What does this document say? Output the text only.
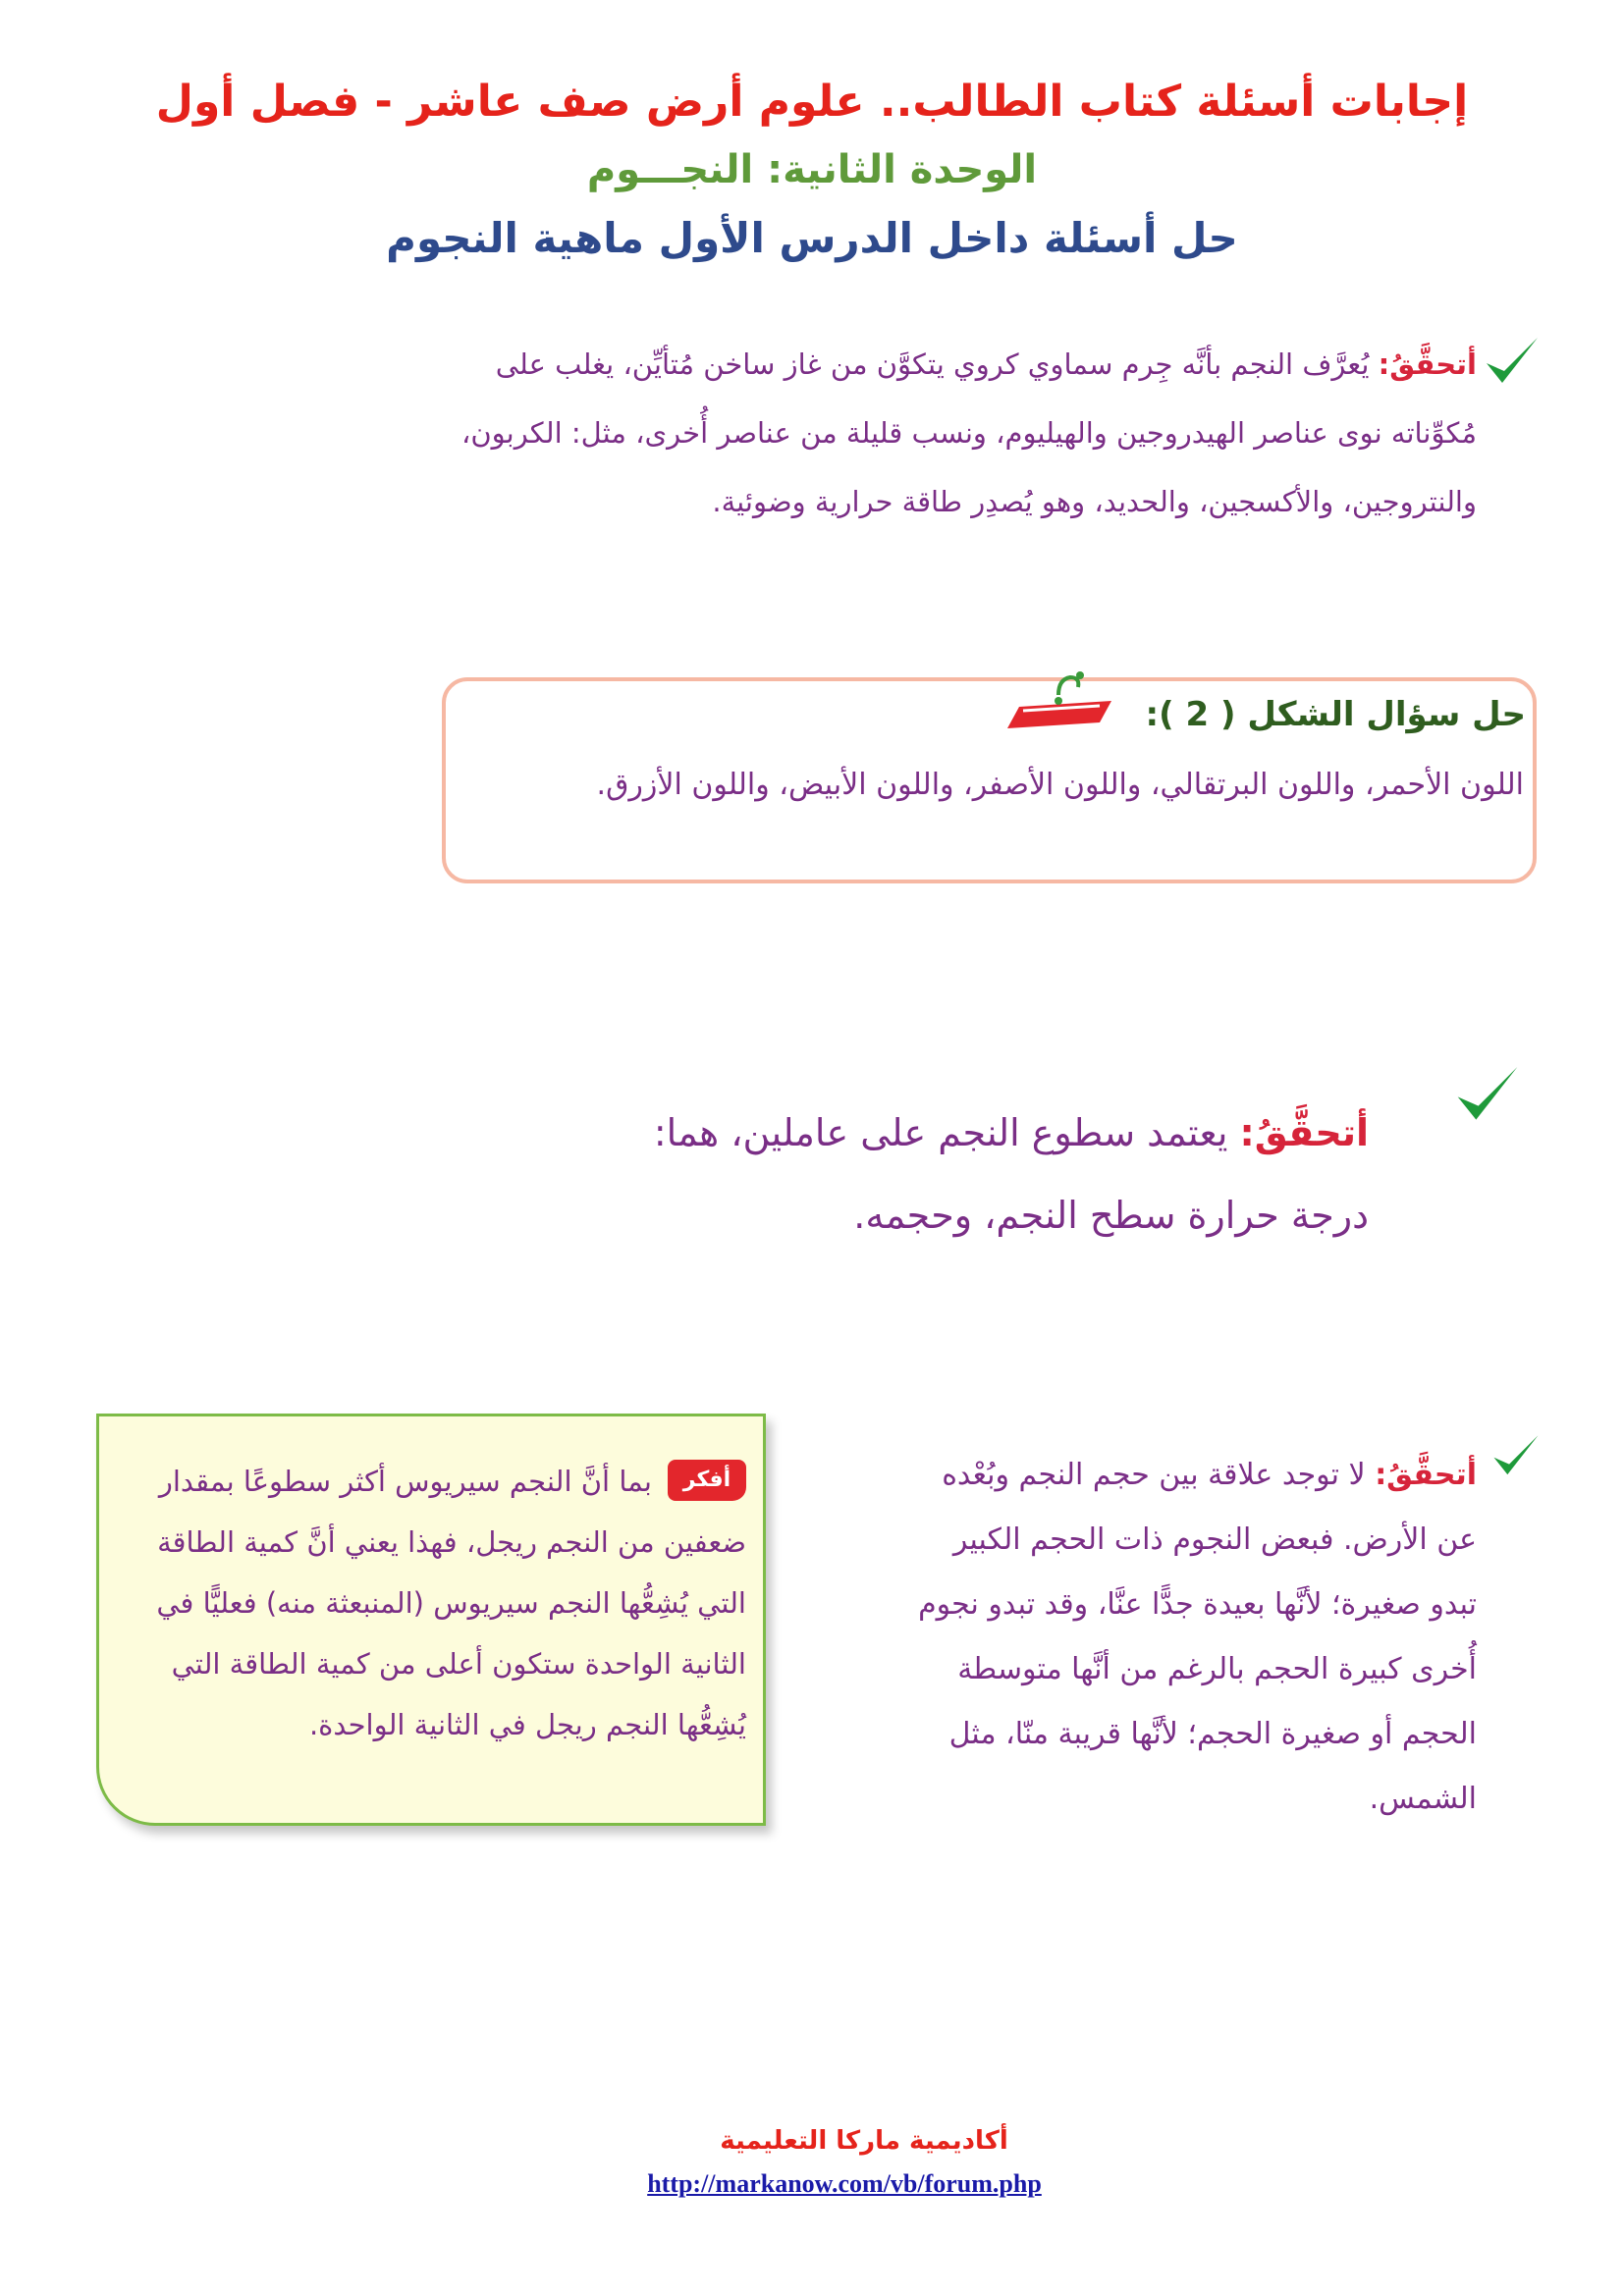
إجابات أسئلة كتاب الطالب.. علوم أرض صف عاشر - فصل أول
الوحدة الثانية: النجـــوم
حل أسئلة داخل الدرس الأول ماهية النجوم
أتحقَّقُ: يُعرَّف النجم بأنَّه جِرم سماوي كروي يتكوَّن من غاز ساخن مُتأيِّن، يغلب على مُكوِّناته نوى عناصر الهيدروجين والهيليوم، ونسب قليلة من عناصر أُخرى، مثل: الكربون، والنتروجين، والأكسجين، والحديد، وهو يُصدِر طاقة حرارية وضوئية.
حل سؤال الشكل ( 2 ):
اللون الأحمر، واللون البرتقالي، واللون الأصفر، واللون الأبيض، واللون الأزرق.
أتحقَّقُ: يعتمد سطوع النجم على عاملين، هما:
درجة حرارة سطح النجم، وحجمه.
أتحقَّقُ: لا توجد علاقة بين حجم النجم وبُعْده عن الأرض. فبعض النجوم ذات الحجم الكبير تبدو صغيرة؛ لأنَّها بعيدة جدًّا عنَّا، وقد تبدو نجوم أُخرى كبيرة الحجم بالرغم من أنَّها متوسطة الحجم أو صغيرة الحجم؛ لأنَّها قريبة منّا، مثل الشمس.
أفكر
بما أنَّ النجم سيريوس أكثر سطوعًا بمقدار ضعفين من النجم ريجل، فهذا يعني أنَّ كمية الطاقة التي يُشِعُّها النجم سيريوس (المنبعثة منه) فعليًّا في الثانية الواحدة ستكون أعلى من كمية الطاقة التي يُشِعُّها النجم ريجل في الثانية الواحدة.
أكاديمية ماركا التعليمية
http://markanow.com/vb/forum.php
